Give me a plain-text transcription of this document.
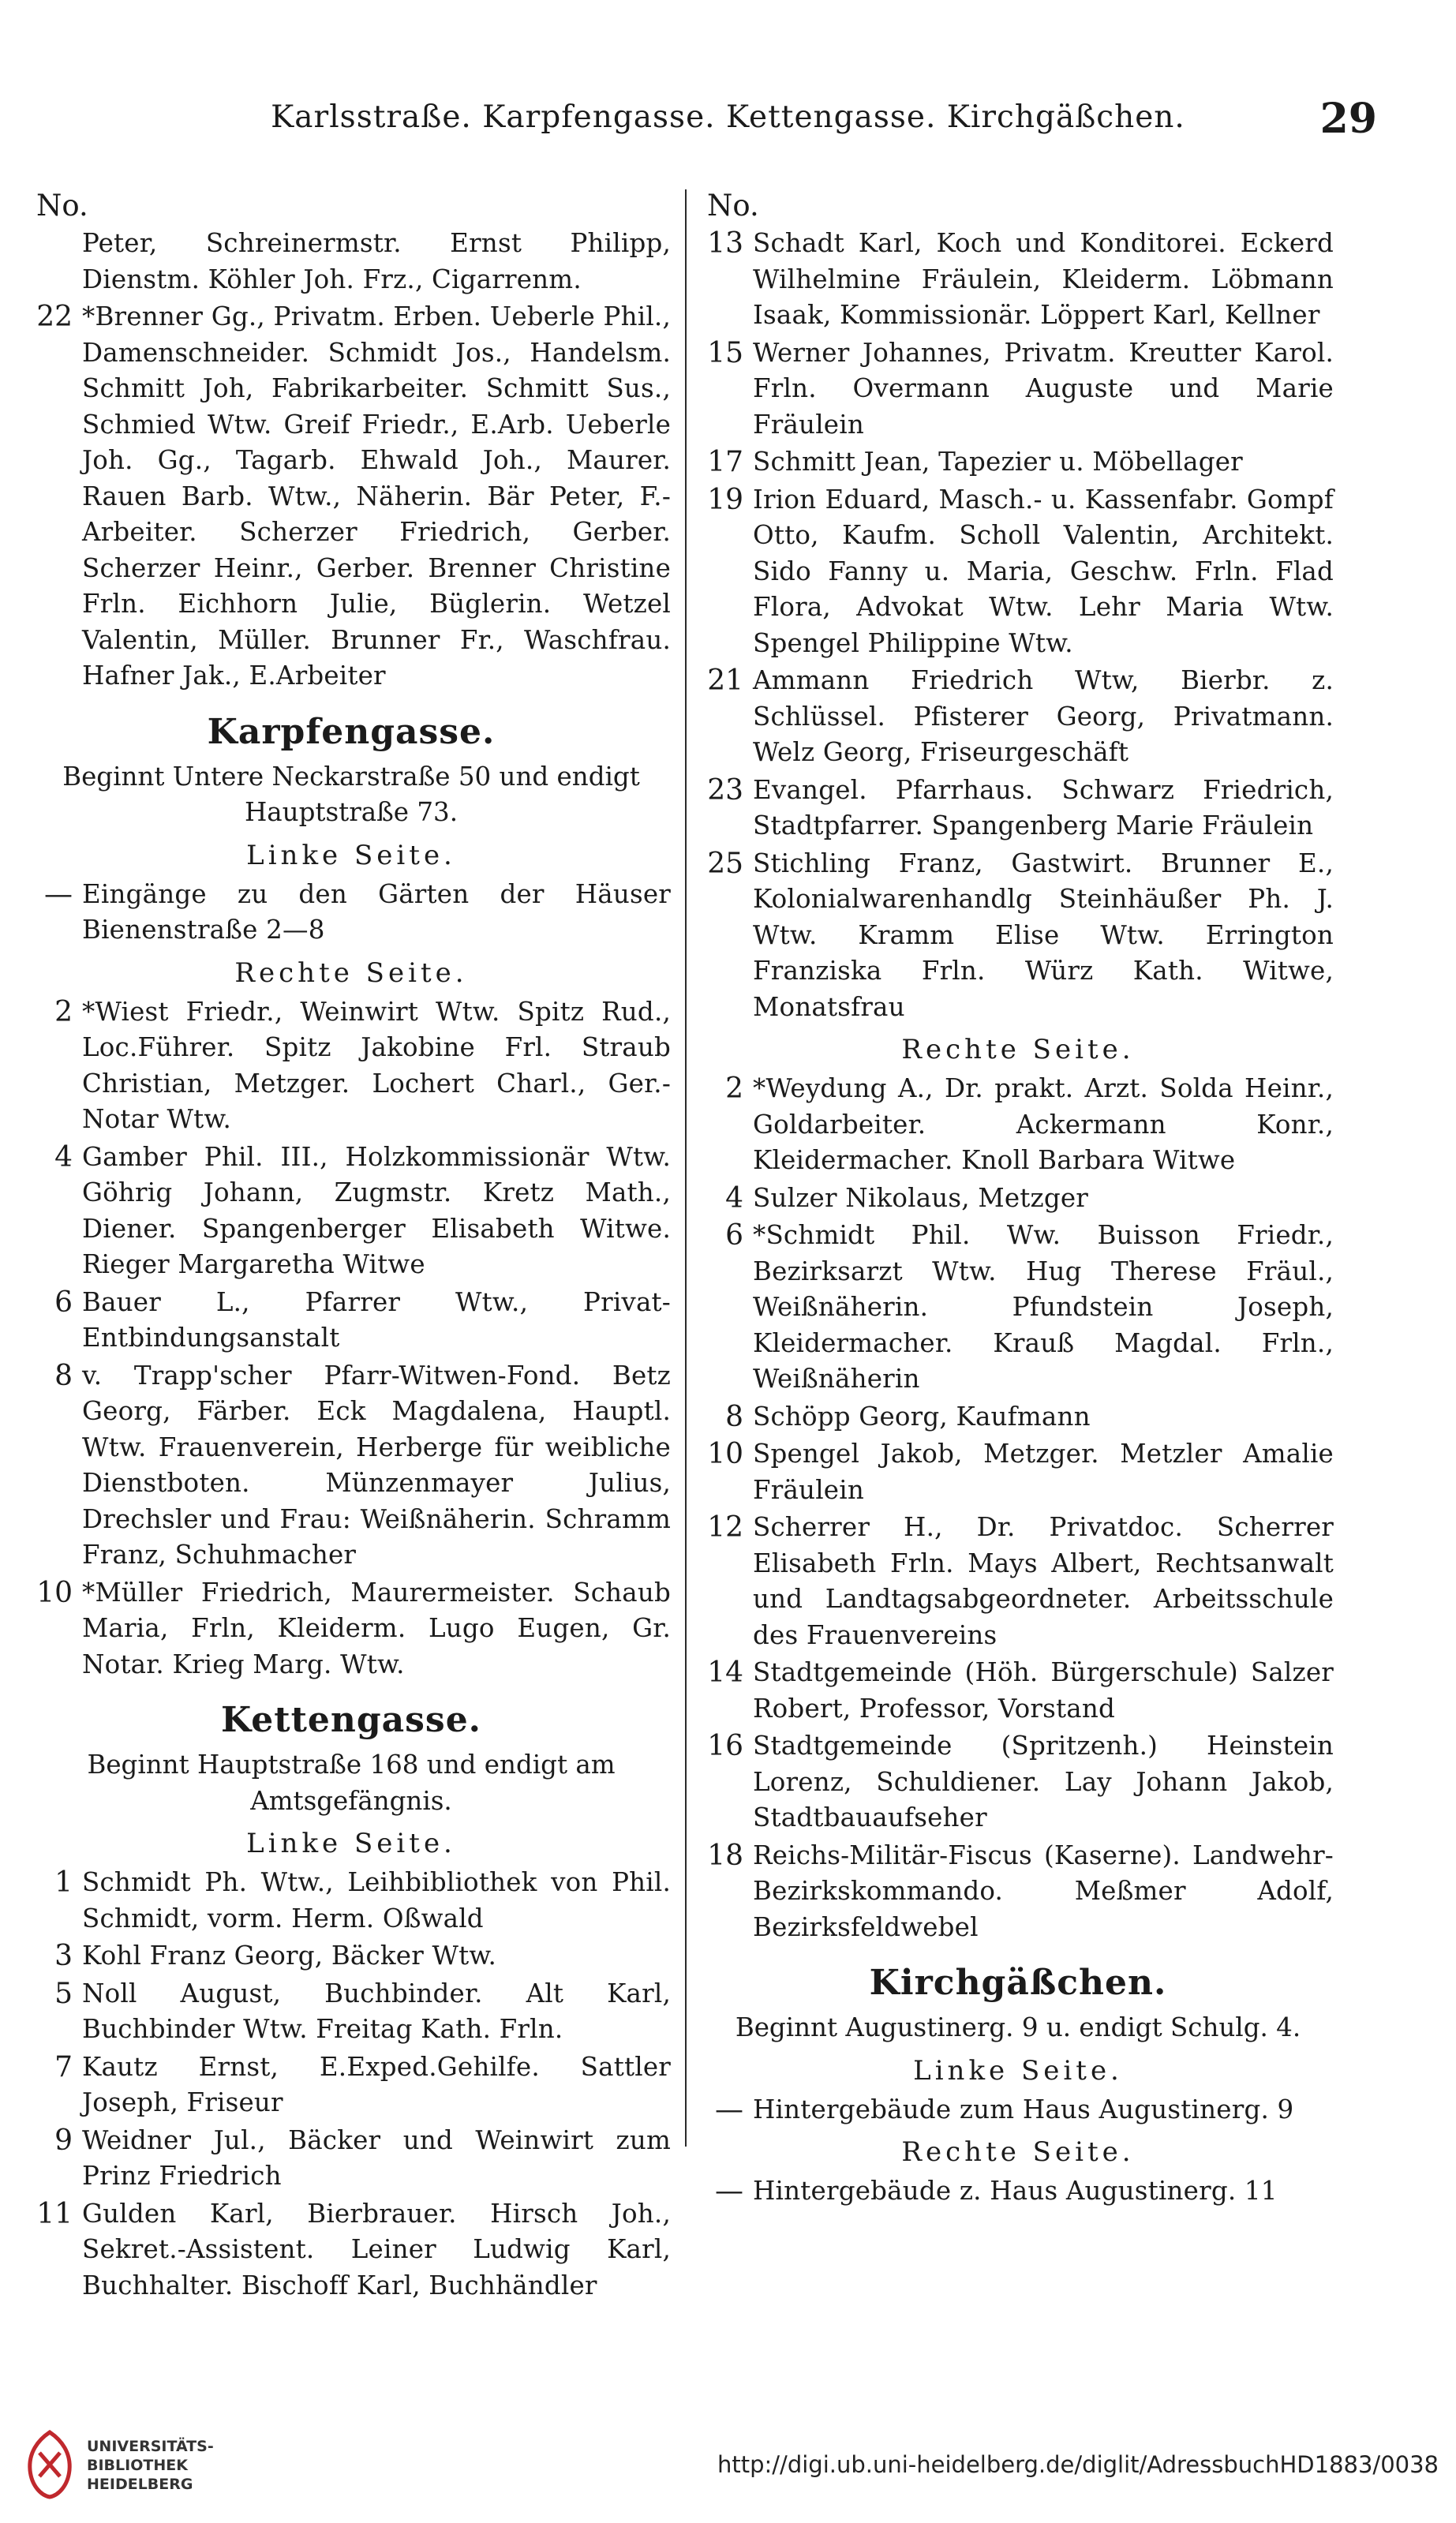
Karlsstraße. Karpfengasse. Kettengasse. Kirchgäßchen.	29
No.
Peter, Schreinermstr. Ernst Philipp, Dienstm. Köhler Joh. Frz., Cigarrenm.
22 *Brenner Gg., Privatm. Erben. Ueberle Phil., Damenschneider. Schmidt Jos., Handelsm. Schmitt Joh, Fabrikarbeiter. Schmitt Sus., Schmied Wtw. Greif Friedr., E.Arb. Ueberle Joh. Gg., Tagarb. Ehwald Joh., Maurer. Rauen Barb. Wtw., Näherin. Bär Peter, F.-Arbeiter. Scherzer Friedrich, Gerber. Scherzer Heinr., Gerber. Brenner Christine Frln. Eichhorn Julie, Büglerin. Wetzel Valentin, Müller. Brunner Fr., Waschfrau. Hafner Jak., E.Arbeiter
Karpfengasse.
Beginnt Untere Neckarstraße 50 und endigt Hauptstraße 73.
Linke Seite.
— Eingänge zu den Gärten der Häuser Bienenstraße 2—8
Rechte Seite.
2 *Wiest Friedr., Weinwirt Wtw. Spitz Rud., Loc.Führer. Spitz Jakobine Frl. Straub Christian, Metzger. Lochert Charl., Ger.-Notar Wtw.
4 Gamber Phil. III., Holzkommissionär Wtw. Göhrig Johann, Zugmstr. Kretz Math., Diener. Spangenberger Elisabeth Witwe. Rieger Margaretha Witwe
6 Bauer L., Pfarrer Wtw., Privat-Entbindungsanstalt
8 v. Trapp'scher Pfarr-Witwen-Fond. Betz Georg, Färber. Eck Magdalena, Hauptl. Wtw. Frauenverein, Herberge für weibliche Dienstboten. Münzenmayer Julius, Drechsler und Frau: Weißnäherin. Schramm Franz, Schuhmacher
10 *Müller Friedrich, Maurermeister. Schaub Maria, Frln, Kleiderm. Lugo Eugen, Gr. Notar. Krieg Marg. Wtw.
Kettengasse.
Beginnt Hauptstraße 168 und endigt am Amtsgefängnis.
Linke Seite.
1 Schmidt Ph. Wtw., Leihbibliothek von Phil. Schmidt, vorm. Herm. Oßwald
3 Kohl Franz Georg, Bäcker Wtw.
5 Noll August, Buchbinder. Alt Karl, Buchbinder Wtw. Freitag Kath. Frln.
7 Kautz Ernst, E.Exped.Gehilfe. Sattler Joseph, Friseur
9 Weidner Jul., Bäcker und Weinwirt zum Prinz Friedrich
11 Gulden Karl, Bierbrauer. Hirsch Joh., Sekret.-Assistent. Leiner Ludwig Karl, Buchhalter. Bischoff Karl, Buchhändler
No.
13 Schadt Karl, Koch und Konditorei. Eckerd Wilhelmine Fräulein, Kleiderm. Löbmann Isaak, Kommissionär. Löppert Karl, Kellner
15 Werner Johannes, Privatm. Kreutter Karol. Frln. Overmann Auguste und Marie Fräulein
17 Schmitt Jean, Tapezier u. Möbellager
19 Irion Eduard, Masch.- u. Kassenfabr. Gompf Otto, Kaufm. Scholl Valentin, Architekt. Sido Fanny u. Maria, Geschw. Frln. Flad Flora, Advokat Wtw. Lehr Maria Wtw. Spengel Philippine Wtw.
21 Ammann Friedrich Wtw, Bierbr. z. Schlüssel. Pfisterer Georg, Privatmann. Welz Georg, Friseurgeschäft
23 Evangel. Pfarrhaus. Schwarz Friedrich, Stadtpfarrer. Spangenberg Marie Fräulein
25 Stichling Franz, Gastwirt. Brunner E., Kolonialwarenhandlg Steinhäußer Ph. J. Wtw. Kramm Elise Wtw. Errington Franziska Frln. Würz Kath. Witwe, Monatsfrau
Rechte Seite.
2 *Weydung A., Dr. prakt. Arzt. Solda Heinr., Goldarbeiter. Ackermann Konr., Kleidermacher. Knoll Barbara Witwe
4 Sulzer Nikolaus, Metzger
6 *Schmidt Phil. Ww. Buisson Friedr., Bezirksarzt Wtw. Hug Therese Fräul., Weißnäherin. Pfundstein Joseph, Kleidermacher. Krauß Magdal. Frln., Weißnäherin
8 Schöpp Georg, Kaufmann
10 Spengel Jakob, Metzger. Metzler Amalie Fräulein
12 Scherrer H., Dr. Privatdoc. Scherrer Elisabeth Frln. Mays Albert, Rechtsanwalt und Landtagsabgeordneter. Arbeitsschule des Frauenvereins
14 Stadtgemeinde (Höh. Bürgerschule) Salzer Robert, Professor, Vorstand
16 Stadtgemeinde (Spritzenh.) Heinstein Lorenz, Schuldiener. Lay Johann Jakob, Stadtbauaufseher
18 Reichs-Militär-Fiscus (Kaserne). Landwehr-Bezirkskommando. Meßmer Adolf, Bezirksfeldwebel
Kirchgäßchen.
Beginnt Augustinerg. 9 u. endigt Schulg. 4.
Linke Seite.
— Hintergebäude zum Haus Augustinerg. 9
Rechte Seite.
— Hintergebäude z. Haus Augustinerg. 11
UNIVERSITÄTS-
BIBLIOTHEK
HEIDELBERG
http://digi.ub.uni-heidelberg.de/diglit/AdressbuchHD1883/0038
